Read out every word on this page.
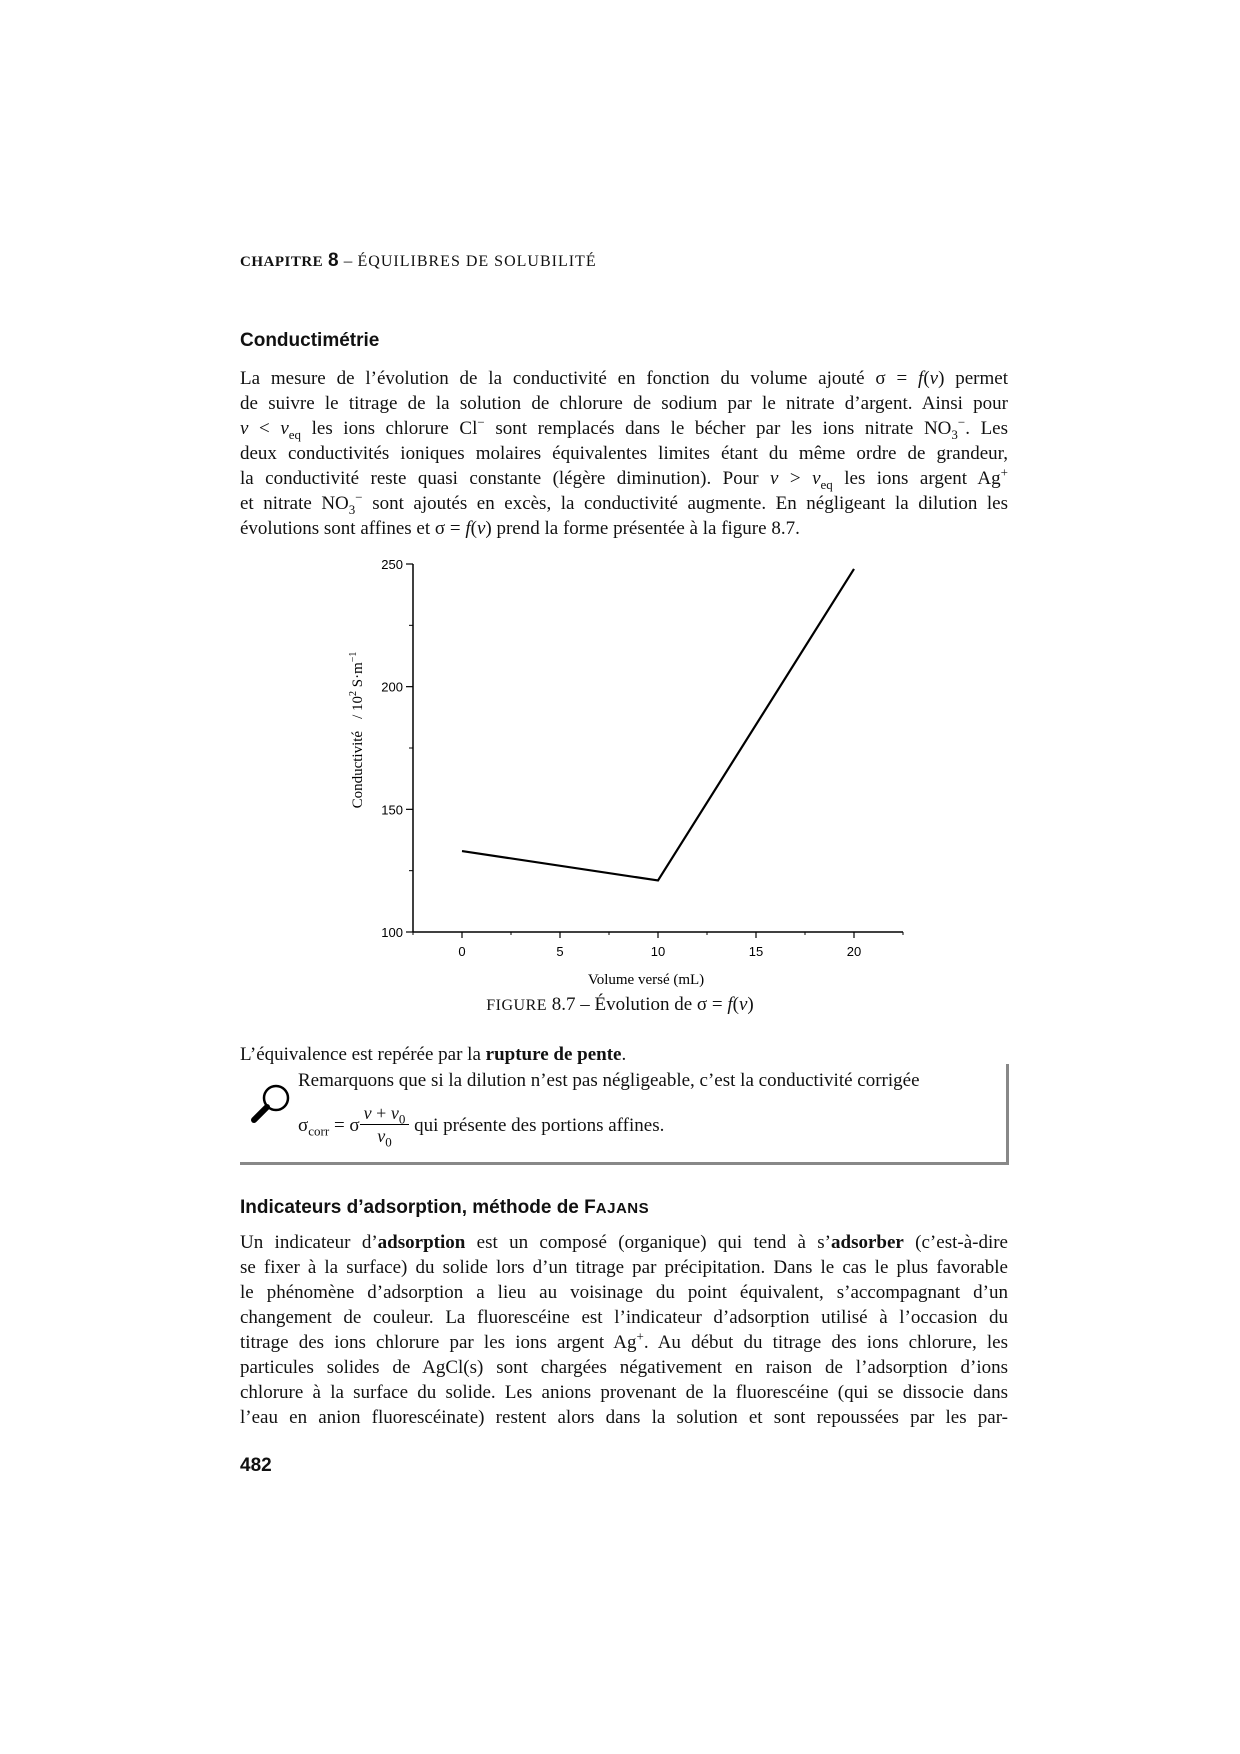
CHAPITRE 8 – ÉQUILIBRES DE SOLUBILITÉ
Conductimétrie
La mesure de l’évolution de la conductivité en fonction du volume ajouté σ = f(v) permet
de suivre le titrage de la solution de chlorure de sodium par le nitrate d’argent. Ainsi pour
$v < v_{eq}$ les ions chlorure Cl− sont remplacés dans le bécher par les ions nitrate $NO_3^-$. Les
deux conductivités ioniques molaires équivalentes limites étant du même ordre de grandeur,
la conductivité reste quasi constante (légère diminution). Pour $v > v_{eq}$ les ions argent Ag+
et nitrate $NO_3^-$ sont ajoutés en excès, la conductivité augmente. En négligeant la dilution les
évolutions sont affines et σ = f(v) prend la forme présentée à la figure 8.7.
0	5	10	15	20
100
150
200
250
Volume versé (mL)
Conductivité/ $10^2$ $S\cdot m^{-1}$
FIGURE 8.7 – Évolution de σ = f(v)
L’équivalence est repérée par la rupture de pente.
Remarquons que si la dilution n’est pas négligeable, c’est la conductivité corrigée
$\sigma_{corr} = \sigma \frac{v + v_0}{v_0}$ qui présente des portions affines.
Indicateurs d’adsorption, méthode de FAJANS
Un indicateur d’adsorption est un composé (organique) qui tend à s’adsorber (c’est-à-dire
se fixer à la surface) du solide lors d’un titrage par précipitation. Dans le cas le plus favorable
le phénomène d’adsorption a lieu au voisinage du point équivalent, s’accompagnant d’un
changement de couleur. La fluorescéine est l’indicateur d’adsorption utilisé à l’occasion du
titrage des ions chlorure par les ions argent Ag+. Au début du titrage des ions chlorure, les
particules solides de AgCl(s) sont chargées négativement en raison de l’adsorption d’ions
chlorure à la surface du solide. Les anions provenant de la fluorescéine (qui se dissocie dans
l’eau en anion fluorescéinate) restent alors dans la solution et sont repoussées par les par-
482
